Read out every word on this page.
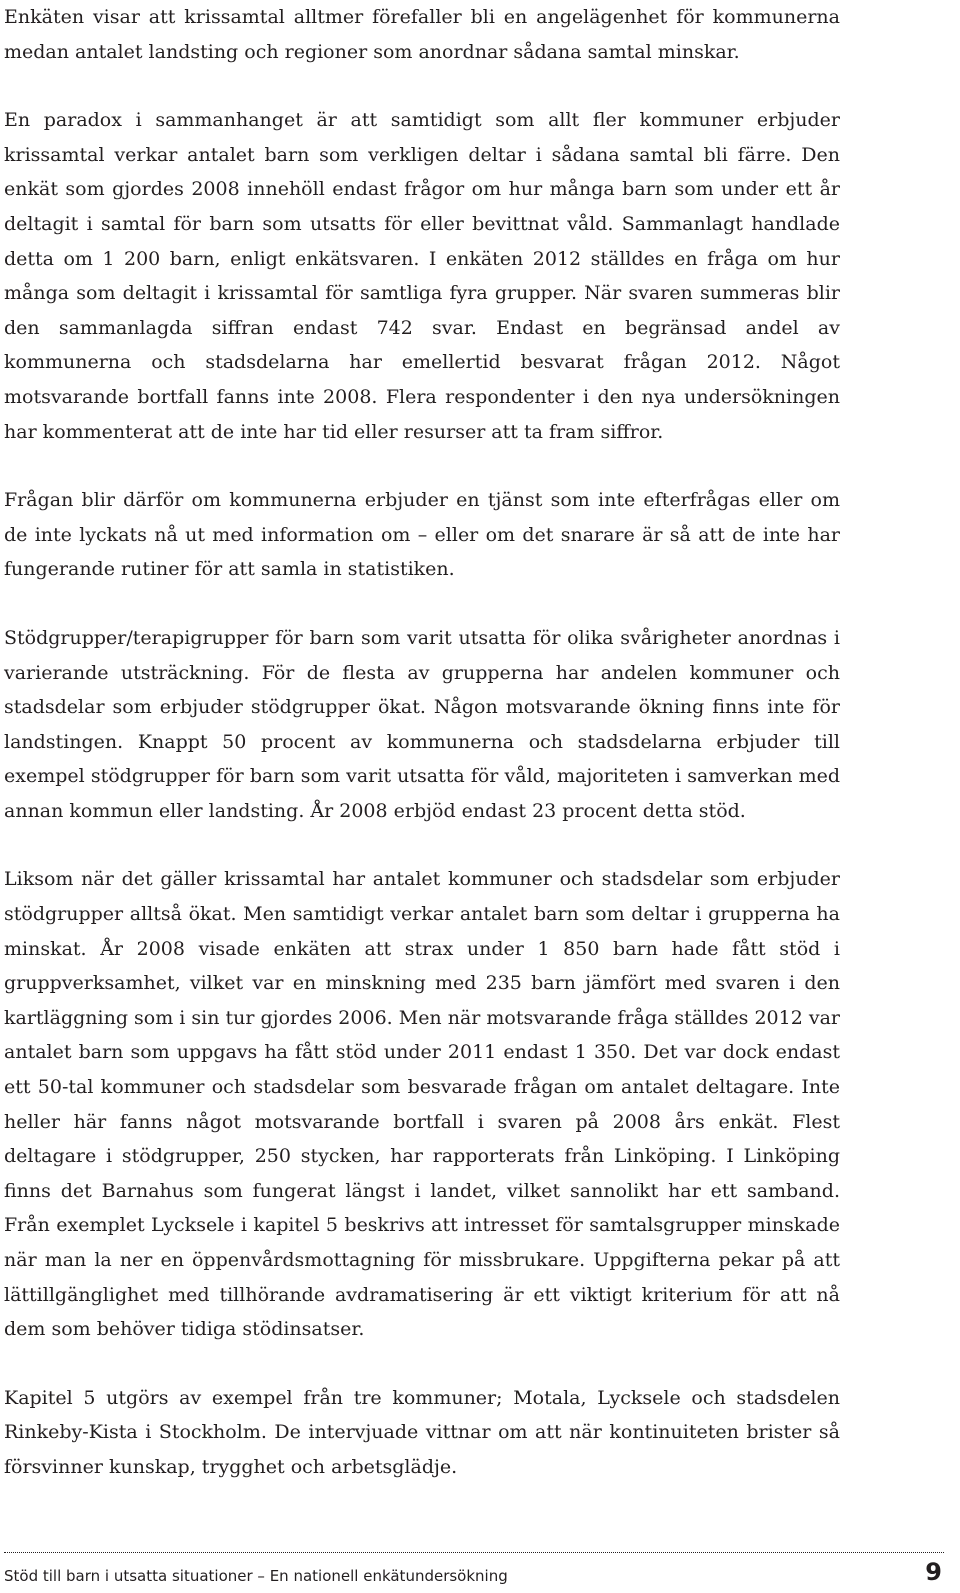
Enkäten visar att krissamtal alltmer förefaller bli en angelägenhet för kommunerna medan antalet landsting och regioner som anordnar sådana samtal minskar.

En paradox i sammanhanget är att samtidigt som allt fler kommuner erbjuder krissamtal verkar antalet barn som verkligen deltar i sådana samtal bli färre. Den enkät som gjordes 2008 innehöll endast frågor om hur många barn som under ett år deltagit i samtal för barn som utsatts för eller bevittnat våld. Sammanlagt handlade detta om 1 200 barn, enligt enkätsvaren. I enkäten 2012 ställdes en fråga om hur många som deltagit i krissamtal för samtliga fyra grupper. När svaren summeras blir den sammanlagda siffran endast 742 svar. Endast en begränsad andel av kommunerna och stadsdelarna har emellertid besvarat frågan 2012. Något motsvarande bortfall fanns inte 2008. Flera respondenter i den nya undersökningen har kommenterat att de inte har tid eller resurser att ta fram siffror.

Frågan blir därför om kommunerna erbjuder en tjänst som inte efterfrågas eller om de inte lyckats nå ut med information om – eller om det snarare är så att de inte har fungerande rutiner för att samla in statistiken.

Stödgrupper/terapigrupper för barn som varit utsatta för olika svårigheter anordnas i varierande utsträckning. För de flesta av grupperna har andelen kommuner och stadsdelar som erbjuder stödgrupper ökat. Någon motsvarande ökning finns inte för landstingen. Knappt 50 procent av kommunerna och stadsdelarna erbjuder till exempel stödgrupper för barn som varit utsatta för våld, majoriteten i samverkan med annan kommun eller landsting. År 2008 erbjöd endast 23 procent detta stöd.

Liksom när det gäller krissamtal har antalet kommuner och stadsdelar som erbjuder stödgrupper alltså ökat. Men samtidigt verkar antalet barn som deltar i grupperna ha minskat. År 2008 visade enkäten att strax under 1 850 barn hade fått stöd i gruppverksamhet, vilket var en minskning med 235 barn jämfört med svaren i den kartläggning som i sin tur gjordes 2006. Men när motsvarande fråga ställdes 2012 var antalet barn som uppgavs ha fått stöd under 2011 endast 1 350. Det var dock endast ett 50-tal kommuner och stadsdelar som besvarade frågan om antalet deltagare. Inte heller här fanns något motsvarande bortfall i svaren på 2008 års enkät. Flest deltagare i stödgrupper, 250 stycken, har rapporterats från Linköping. I Linköping finns det Barnahus som fungerat längst i landet, vilket sannolikt har ett samband. Från exemplet Lycksele i kapitel 5 beskrivs att intresset för samtalsgrupper minskade när man la ner en öppenvårdsmottagning för missbrukare. Uppgifterna pekar på att lättillgänglighet med tillhörande avdramatisering är ett viktigt kriterium för att nå dem som behöver tidiga stödinsatser.

Kapitel 5 utgörs av exempel från tre kommuner; Motala, Lycksele och stadsdelen Rinkeby-Kista i Stockholm. De intervjuade vittnar om att när kontinuiteten brister så försvinner kunskap, trygghet och arbetsglädje.

Stöd till barn i utsatta situationer – En nationell enkätundersökning	9
